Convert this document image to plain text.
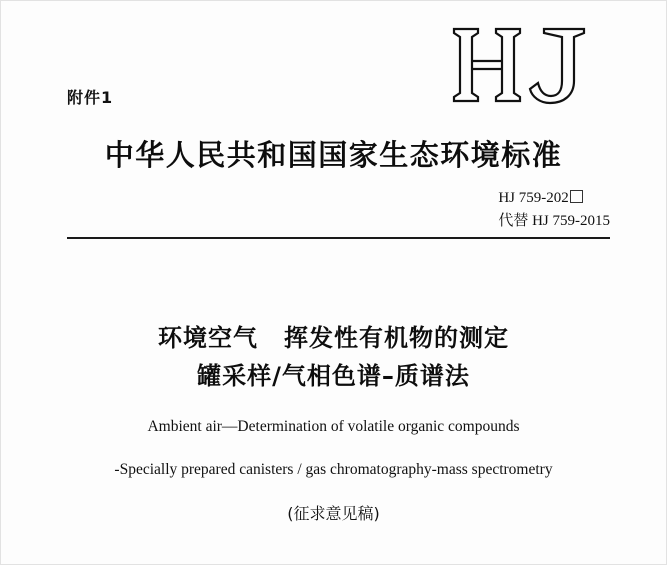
附件1
中华人民共和国国家生态环境标准
HJ 759-202
代替 HJ 759-2015
环境空气 挥发性有机物的测定
罐采样/气相色谱–质谱法
Ambient air—Determination of volatile organic compounds
-Specially prepared canisters / gas chromatography-mass spectrometry
(征求意见稿)
